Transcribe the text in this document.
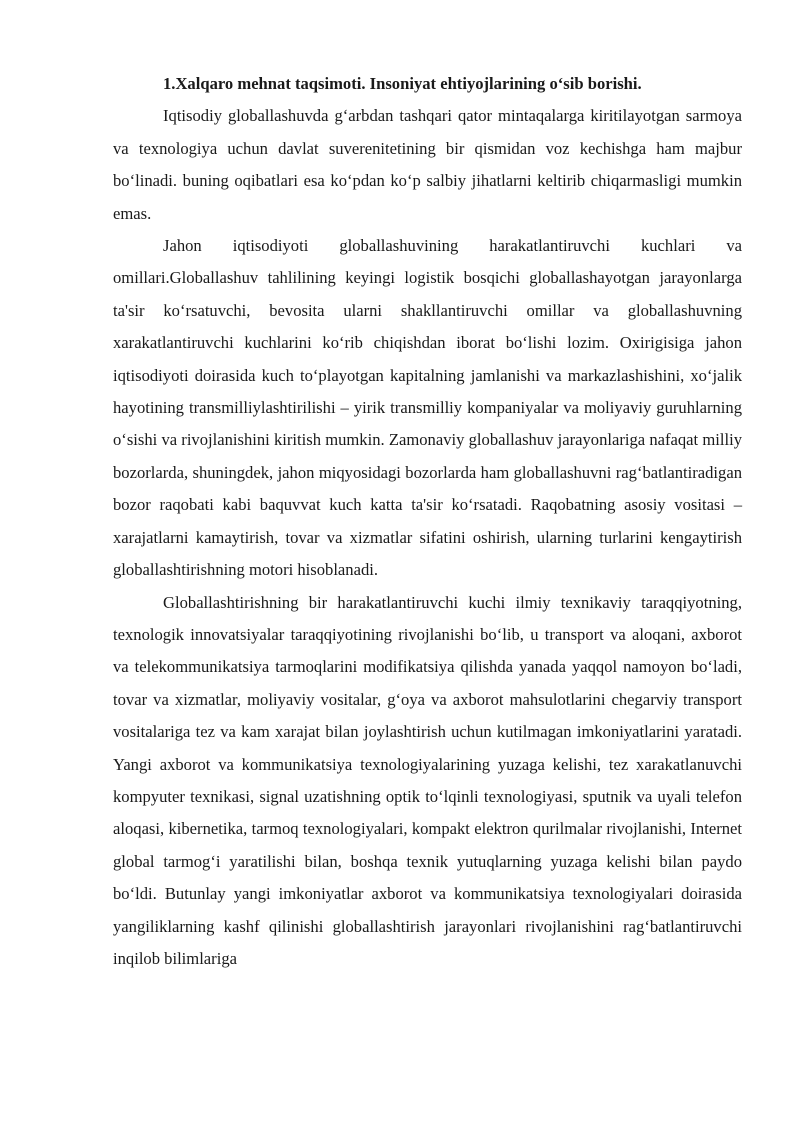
1.Xalqaro mehnat taqsimoti. Insoniyat ehtiyojlarining o‘sib borishi.

Iqtisodiy globallashuvda g‘arbdan tashqari qator mintaqalarga kiritilayotgan sarmoya va texnologiya uchun davlat suverenitetining bir qismidan voz kechishga ham majbur bo‘linadi. buning oqibatlari esa ko‘pdan ko‘p salbiy jihatlarni keltirib chiqarmasligi mumkin emas.

Jahon iqtisodiyoti globallashuvining harakatlantiruvchi kuchlari va omillari.Globallashuv tahlilining keyingi logistik bosqichi globallashayotgan jarayonlarga ta'sir ko‘rsatuvchi, bevosita ularni shakllantiruvchi omillar va globallashuvning xarakatlantiruvchi kuchlarini ko‘rib chiqishdan iborat bo‘lishi lozim. Oxirigisiga jahon iqtisodiyoti doirasida kuch to‘playotgan kapitalning jamlanishi va markazlashishini, xo‘jalik hayotining transmilliylashtirilishi – yirik transmilliy kompaniyalar va moliyaviy guruhlarning o‘sishi va rivojlanishini kiritish mumkin. Zamonaviy globallashuv jarayonlariga nafaqat milliy bozorlarda, shuningdek, jahon miqyosidagi bozorlarda ham globallashuvni rag‘batlantiradigan bozor raqobati kabi baquvvat kuch katta ta'sir ko‘rsatadi. Raqobatning asosiy vositasi – xarajatlarni kamaytirish, tovar va xizmatlar sifatini oshirish, ularning turlarini kengaytirish globallashtirishning motori hisoblanadi.

Globallashtirishning bir harakatlantiruvchi kuchi ilmiy texnikaviy taraqqiyotning, texnologik innovatsiyalar taraqqiyotining rivojlanishi bo‘lib, u transport va aloqani, axborot va telekommunikatsiya tarmoqlarini modifikatsiya qilishda yanada yaqqol namoyon bo‘ladi, tovar va xizmatlar, moliyaviy vositalar, g‘oya va axborot mahsulotlarini chegarviy transport vositalariga tez va kam xarajat bilan joylashtirish uchun kutilmagan imkoniyatlarini yaratadi. Yangi axborot va kommunikatsiya texnologiyalarining yuzaga kelishi, tez xarakatlanuvchi kompyuter texnikasi, signal uzatishning optik to‘lqinli texnologiyasi, sputnik va uyali telefon aloqasi, kibernetika, tarmoq texnologiyalari, kompakt elektron qurilmalar rivojlanishi, Internet global tarmog‘i yaratilishi bilan, boshqa texnik yutuqlarning yuzaga kelishi bilan paydo bo‘ldi. Butunlay yangi imkoniyatlar axborot va kommunikatsiya texnologiyalari doirasida yangiliklarning kashf qilinishi globallashtirish jarayonlari rivojlanishini rag‘batlantiruvchi inqilob bilimlariga
